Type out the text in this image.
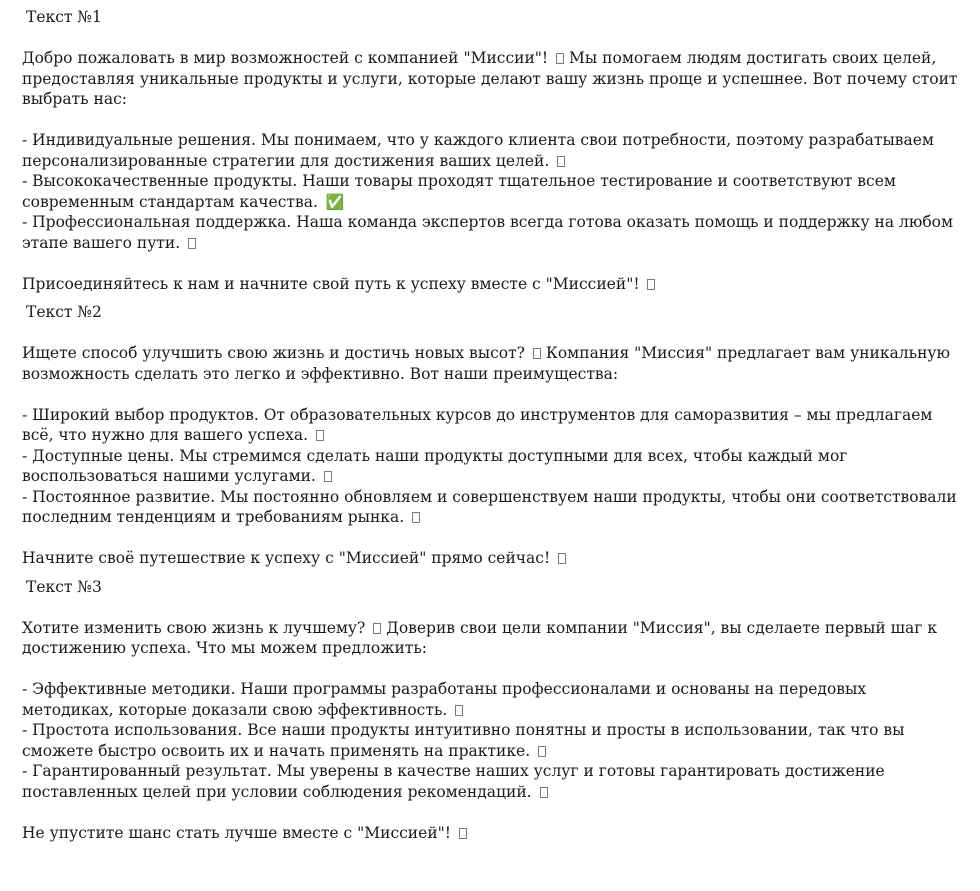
Текст №1

Добро пожаловать в мир возможностей с компанией "Миссии"!  Мы помогаем людям достигать своих целей, предоставляя уникальные продукты и услуги, которые делают вашу жизнь проще и успешнее. Вот почему стоит выбрать нас:

- Индивидуальные решения. Мы понимаем, что у каждого клиента свои потребности, поэтому разрабатываем персонализированные стратегии для достижения ваших целей.
- Высококачественные продукты. Наши товары проходят тщательное тестирование и соответствуют всем современным стандартам качества. ✅
- Профессиональная поддержка. Наша команда экспертов всегда готова оказать помощь и поддержку на любом этапе вашего пути.

Присоединяйтесь к нам и начните свой путь к успеху вместе с "Миссией"!

Текст №2

Ищете способ улучшить свою жизнь и достичь новых высот?  Компания "Миссия" предлагает вам уникальную возможность сделать это легко и эффективно. Вот наши преимущества:

- Широкий выбор продуктов. От образовательных курсов до инструментов для саморазвития – мы предлагаем всё, что нужно для вашего успеха.
- Доступные цены. Мы стремимся сделать наши продукты доступными для всех, чтобы каждый мог воспользоваться нашими услугами.
- Постоянное развитие. Мы постоянно обновляем и совершенствуем наши продукты, чтобы они соответствовали последним тенденциям и требованиям рынка.

Начните своё путешествие к успеху с "Миссией" прямо сейчас!

Текст №3

Хотите изменить свою жизнь к лучшему?  Доверив свои цели компании "Миссия", вы сделаете первый шаг к достижению успеха. Что мы можем предложить:

- Эффективные методики. Наши программы разработаны профессионалами и основаны на передовых методиках, которые доказали свою эффективность.
- Простота использования. Все наши продукты интуитивно понятны и просты в использовании, так что вы сможете быстро освоить их и начать применять на практике.
- Гарантированный результат. Мы уверены в качестве наших услуг и готовы гарантировать достижение поставленных целей при условии соблюдения рекомендаций.

Не упустите шанс стать лучше вместе с "Миссией"!
